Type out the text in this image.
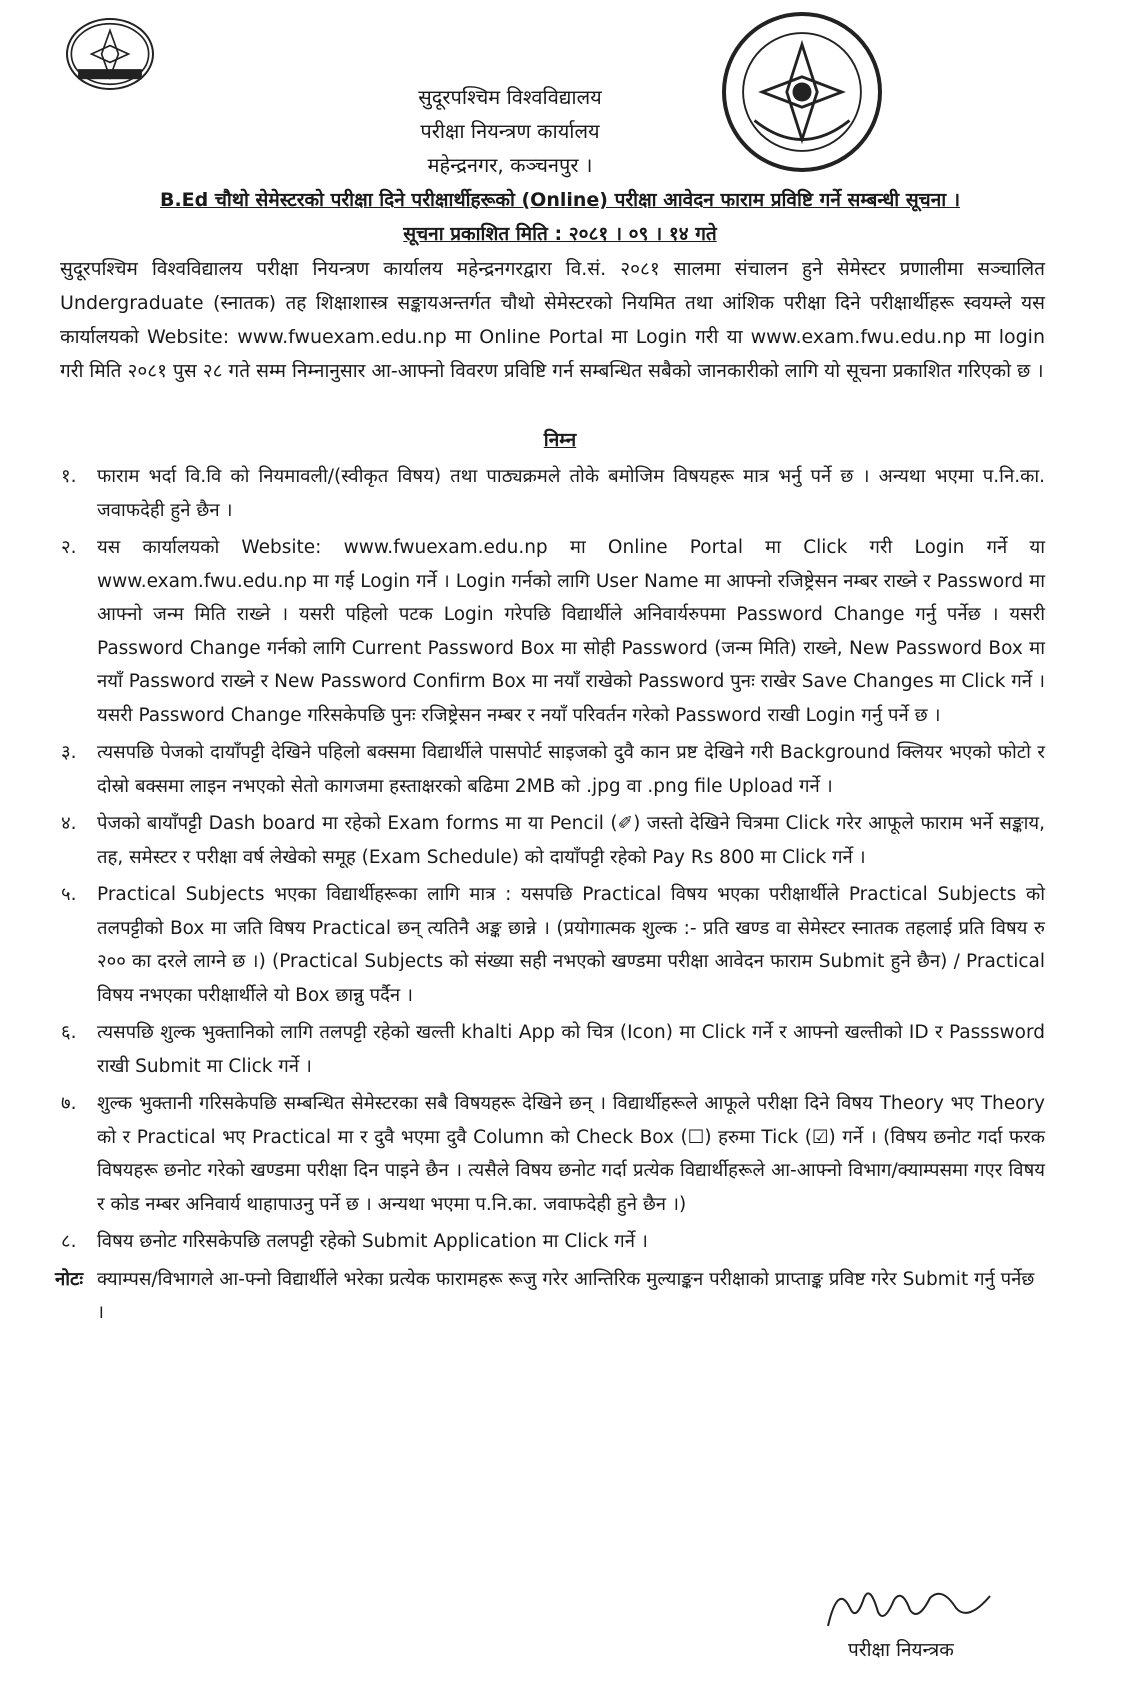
सुदूरपश्चिम विश्वविद्यालय
परीक्षा नियन्त्रण कार्यालय
महेन्द्रनगर, कञ्चनपुर ।
B.Ed चौथो सेमेस्टरको परीक्षा दिने परीक्षार्थीहरूको (Online) परीक्षा आवेदन फाराम प्रविष्टि गर्ने सम्बन्धी सूचना ।
सूचना प्रकाशित मिति : २०८१ । ०९ । १४ गते
सुदूरपश्चिम विश्वविद्यालय परीक्षा नियन्त्रण कार्यालय महेन्द्रनगरद्वारा वि.सं. २०८१ सालमा संचालन हुने सेमेस्टर प्रणालीमा सञ्चालित Undergraduate (स्नातक) तह शिक्षाशास्त्र सङ्कायअन्तर्गत चौथो सेमेस्टरको नियमित तथा आंशिक परीक्षा दिने परीक्षार्थीहरू स्वयम्ले यस कार्यालयको Website: www.fwuexam.edu.np मा Online Portal मा Login गरी या www.exam.fwu.edu.np मा login गरी मिति २०८१ पुस २८ गते सम्म निम्नानुसार आ-आफ्नो विवरण प्रविष्टि गर्न सम्बन्धित सबैको जानकारीको लागि यो सूचना प्रकाशित गरिएको छ ।
निम्न
१. फाराम भर्दा वि.वि को नियमावली/(स्वीकृत विषय) तथा पाठ्यक्रमले तोके बमोजिम विषयहरू मात्र भर्नु पर्ने छ । अन्यथा भएमा प.नि.का. जवाफदेही हुने छैन ।
२. यस कार्यालयको Website: www.fwuexam.edu.np मा Online Portal मा Click गरी Login गर्ने या www.exam.fwu.edu.np मा गई Login गर्ने । Login गर्नको लागि User Name मा आफ्नो रजिष्ट्रेसन नम्बर राख्ने र Password मा आफ्नो जन्म मिति राख्ने । यसरी पहिलो पटक Login गरेपछि विद्यार्थीले अनिवार्यरुपमा Password Change गर्नु पर्नेछ । यसरी Password Change गर्नको लागि Current Password Box मा सोही Password (जन्म मिति) राख्ने, New Password Box मा नयाँ Password राख्ने र New Password Confirm Box मा नयाँ राखेको Password पुनः राखेर Save Changes मा Click गर्ने । यसरी Password Change गरिसकेपछि पुनः रजिष्ट्रेसन नम्बर र नयाँ परिवर्तन गरेको Password राखी Login गर्नु पर्ने छ ।
३. त्यसपछि पेजको दायाँपट्टी देखिने पहिलो बक्समा विद्यार्थीले पासपोर्ट साइजको दुवै कान प्रष्ट देखिने गरी Background क्लियर भएको फोटो र दोस्रो बक्समा लाइन नभएको सेतो कागजमा हस्ताक्षरको बढिमा 2MB को .jpg वा .png file Upload गर्ने ।
४. पेजको बायाँपट्टी Dash board मा रहेको Exam forms मा या Pencil (✐) जस्तो देखिने चित्रमा Click गरेर आफूले फाराम भर्ने सङ्काय, तह, समेस्टर र परीक्षा वर्ष लेखेको समूह (Exam Schedule) को दायाँपट्टी रहेको Pay Rs 800 मा Click गर्ने ।
५. Practical Subjects भएका विद्यार्थीहरूका लागि मात्र : यसपछि Practical विषय भएका परीक्षार्थीले Practical Subjects को तलपट्टीको Box मा जति विषय Practical छन् त्यतिनै अङ्क छान्ने । (प्रयोगात्मक शुल्क :- प्रति खण्ड वा सेमेस्टर स्नातक तहलाई प्रति विषय रु २०० का दरले लाग्ने छ ।) (Practical Subjects को संख्या सही नभएको खण्डमा परीक्षा आवेदन फाराम Submit हुने छैन) / Practical विषय नभएका परीक्षार्थीले यो Box छान्नु पर्दैन ।
६. त्यसपछि शुल्क भुक्तानिको लागि तलपट्टी रहेको खल्ती khalti App को चित्र (Icon) मा Click गर्ने र आफ्नो खल्तीको ID र Passsword राखी Submit मा Click गर्ने ।
७. शुल्क भुक्तानी गरिसकेपछि सम्बन्धित सेमेस्टरका सबै विषयहरू देखिने छन् । विद्यार्थीहरूले आफूले परीक्षा दिने विषय Theory भए Theory को र Practical भए Practical मा र दुवै भएमा दुवै Column को Check Box (☐) हरुमा Tick (☑) गर्ने । (विषय छनोट गर्दा फरक विषयहरू छनोट गरेको खण्डमा परीक्षा दिन पाइने छैन । त्यसैले विषय छनोट गर्दा प्रत्येक विद्यार्थीहरूले आ-आफ्नो विभाग/क्याम्पसमा गएर विषय र कोड नम्बर अनिवार्य थाहापाउनु पर्ने छ । अन्यथा भएमा प.नि.का. जवाफदेही हुने छैन ।)
८. विषय छनोट गरिसकेपछि तलपट्टी रहेको Submit Application मा Click गर्ने ।
नोटः क्याम्पस/विभागले आ-फ्नो विद्यार्थीले भरेका प्रत्येक फारामहरू रूजु गरेर आन्तिरिक मुल्याङ्कन परीक्षाको प्राप्ताङ्क प्रविष्ट गरेर Submit गर्नु पर्नेछ ।
परीक्षा नियन्त्रक
